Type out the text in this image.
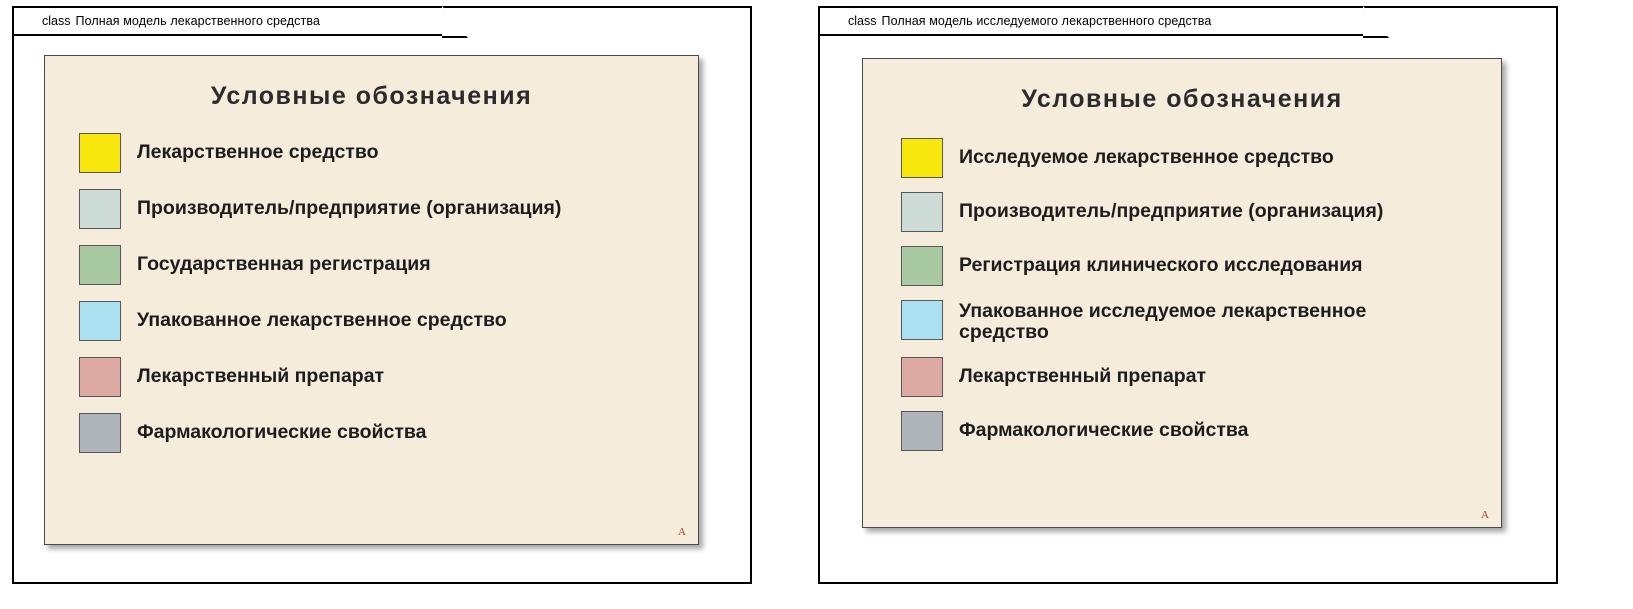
class Полная модель лекарственного средства
Условные обозначения
Лекарственное средство
Производитель/предприятие (организация)
Государственная регистрация
Упакованное лекарственное средство
Лекарственный препарат
Фармакологические свойства
A
class Полная модель исследуемого лекарственного средства
Условные обозначения
Исследуемое лекарственное средство
Производитель/предприятие (организация)
Регистрация клинического исследования
Упакованное исследуемое лекарственное средство
Лекарственный препарат
Фармакологические свойства
A
